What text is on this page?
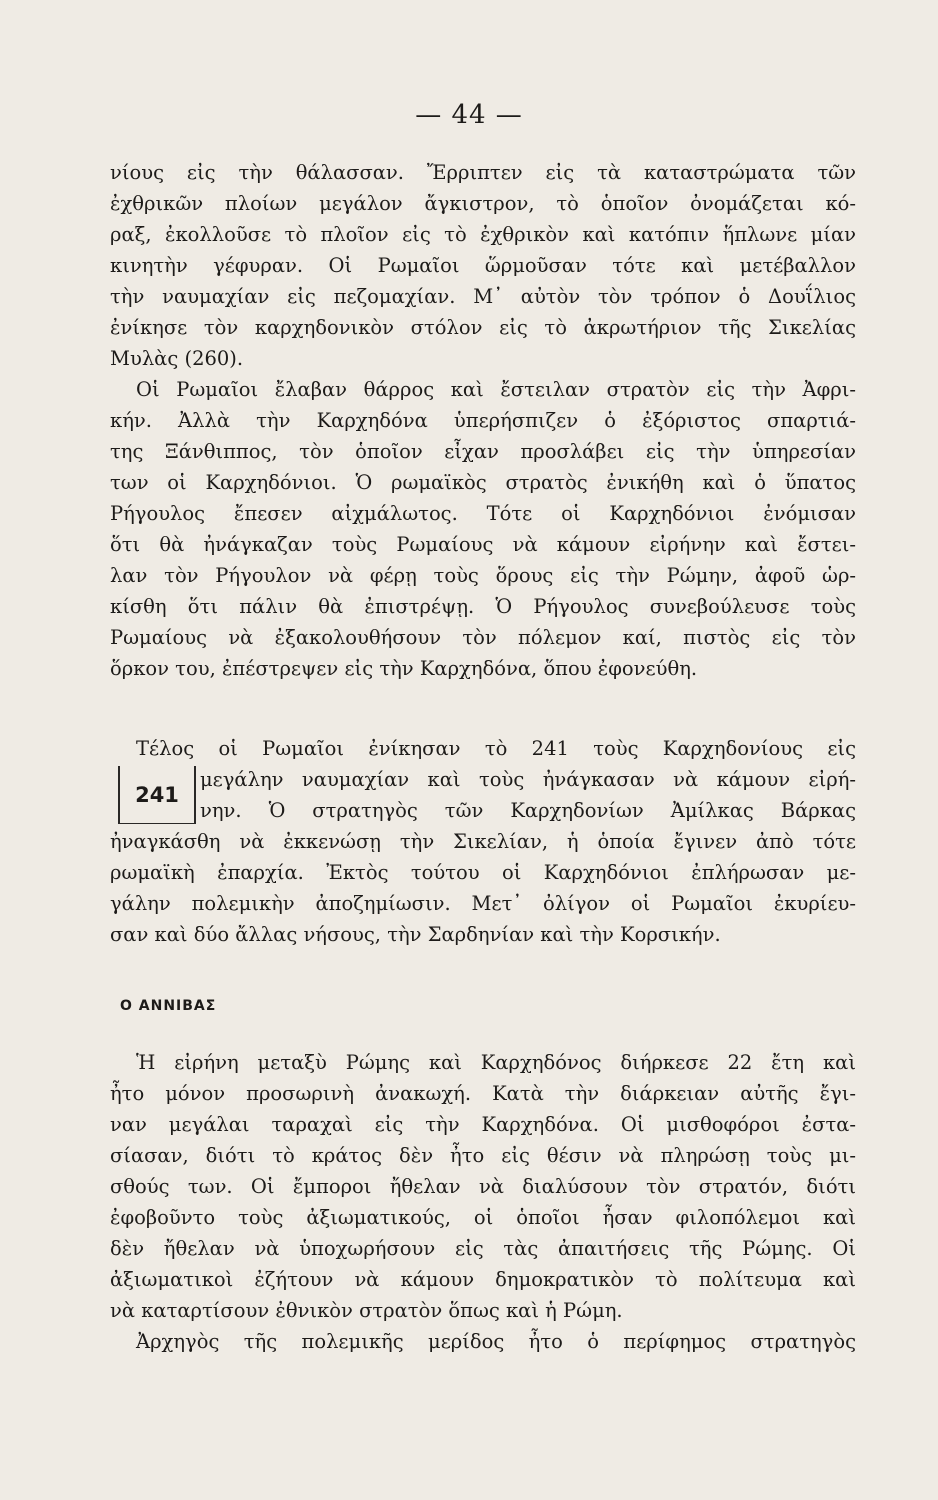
— 44 —
νίους εἰς τὴν θάλασσαν. Ἔρριπτεν εἰς τὰ καταστρώματα τῶν
ἐχθρικῶν πλοίων μεγάλον ἄγκιστρον, τὸ ὁποῖον ὀνομάζεται κό-
ραξ, ἐκολλοῦσε τὸ πλοῖον εἰς τὸ ἐχθρικὸν καὶ κατόπιν ἥπλωνε μίαν
κινητὴν γέφυραν. Οἱ Ρωμαῖοι ὥρμοῦσαν τότε καὶ μετέβαλλον
τὴν ναυμαχίαν εἰς πεζομαχίαν. Μ᾽ αὐτὸν τὸν τρόπον ὁ Δουΐλιος
ἐνίκησε τὸν καρχηδονικὸν στόλον εἰς τὸ ἀκρωτήριον τῆς Σικελίας
Μυλὰς (260).
Οἱ Ρωμαῖοι ἔλαβαν θάρρος καὶ ἔστειλαν στρατὸν εἰς τὴν Ἀφρι-
κήν. Ἀλλὰ τὴν Καρχηδόνα ὑπερήσπιζεν ὁ ἐξόριστος σπαρτιά-
της Ξάνθιππος, τὸν ὁποῖον εἶχαν προσλάβει εἰς τὴν ὑπηρεσίαν
των οἱ Καρχηδόνιοι. Ὁ ρωμαϊκὸς στρατὸς ἐνικήθη καὶ ὁ ὕπατος
Ρήγουλος ἔπεσεν αἰχμάλωτος. Τότε οἱ Καρχηδόνιοι ἐνόμισαν
ὅτι θὰ ἠνάγκαζαν τοὺς Ρωμαίους νὰ κάμουν εἰρήνην καὶ ἔστει-
λαν τὸν Ρήγουλον νὰ φέρῃ τοὺς ὅρους εἰς τὴν Ρώμην, ἀφοῦ ὡρ-
κίσθη ὅτι πάλιν θὰ ἐπιστρέψῃ. Ὁ Ρήγουλος συνεβούλευσε τοὺς
Ρωμαίους νὰ ἐξακολουθήσουν τὸν πόλεμον καί, πιστὸς εἰς τὸν
ὅρκον του, ἐπέστρεψεν εἰς τὴν Καρχηδόνα, ὅπου ἐφονεύθη.
Τέλος οἱ Ρωμαῖοι ἐνίκησαν τὸ 241 τοὺς Καρχηδονίους εἰς
241
μεγάλην ναυμαχίαν καὶ τοὺς ἠνάγκασαν νὰ κάμουν εἰρή-
νην. Ὁ στρατηγὸς τῶν Καρχηδονίων Ἀμίλκας Βάρκας
ἠναγκάσθη νὰ ἐκκενώσῃ τὴν Σικελίαν, ἡ ὁποία ἔγινεν ἀπὸ τότε
ρωμαϊκὴ ἐπαρχία. Ἐκτὸς τούτου οἱ Καρχηδόνιοι ἐπλήρωσαν με-
γάλην πολεμικὴν ἀποζημίωσιν. Μετ᾽ ὀλίγον οἱ Ρωμαῖοι ἐκυρίευ-
σαν καὶ δύο ἄλλας νήσους, τὴν Σαρδηνίαν καὶ τὴν Κορσικήν.
Ο ΑΝΝΙΒΑΣ
Ἡ εἰρήνη μεταξὺ Ρώμης καὶ Καρχηδόνος διήρκεσε 22 ἔτη καὶ
ἦτο μόνον προσωρινὴ ἀνακωχή. Κατὰ τὴν διάρκειαν αὐτῆς ἔγι-
ναν μεγάλαι ταραχαὶ εἰς τὴν Καρχηδόνα. Οἱ μισθοφόροι ἐστα-
σίασαν, διότι τὸ κράτος δὲν ἦτο εἰς θέσιν νὰ πληρώσῃ τοὺς μι-
σθούς των. Οἱ ἔμποροι ἤθελαν νὰ διαλύσουν τὸν στρατόν, διότι
ἐφοβοῦντο τοὺς ἀξιωματικούς, οἱ ὁποῖοι ἦσαν φιλοπόλεμοι καὶ
δὲν ἤθελαν νὰ ὑποχωρήσουν εἰς τὰς ἀπαιτήσεις τῆς Ρώμης. Οἱ
ἀξιωματικοὶ ἐζήτουν νὰ κάμουν δημοκρατικὸν τὸ πολίτευμα καὶ
νὰ καταρτίσουν ἐθνικὸν στρατὸν ὅπως καὶ ἡ Ρώμη.
Ἀρχηγὸς τῆς πολεμικῆς μερίδος ἦτο ὁ περίφημος στρατηγὸς
